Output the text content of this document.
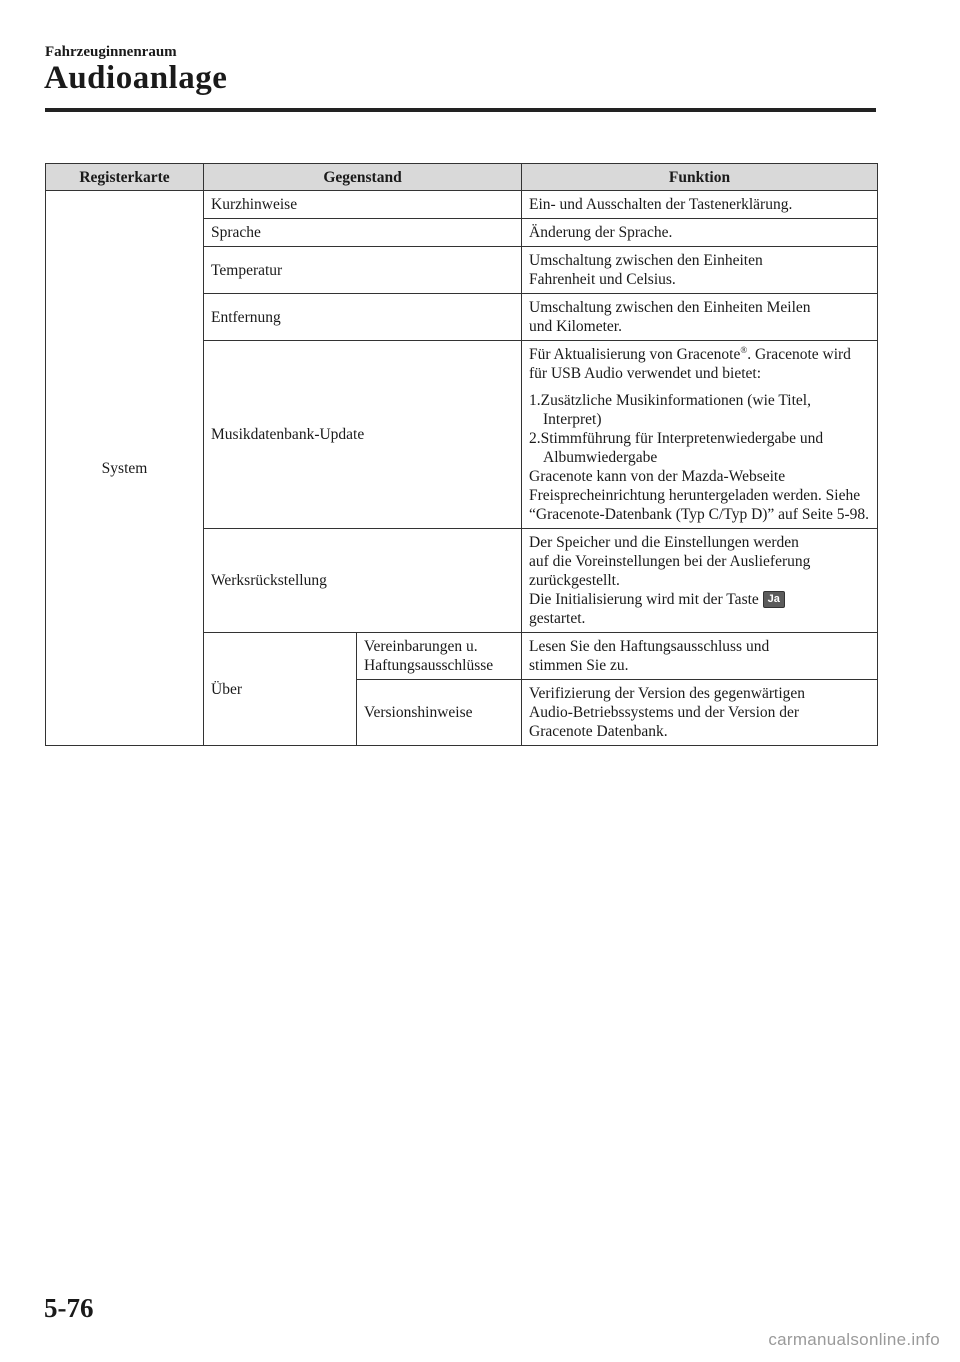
Fahrzeuginnenraum
Audioanlage
Registerkarte	Gegenstand		Funktion
System	Kurzhinweise		Ein- und Ausschalten der Tastenerklärung.
	Sprache		Änderung der Sprache.
	Temperatur		Umschaltung zwischen den Einheiten
Fahrenheit und Celsius.
	Entfernung		Umschaltung zwischen den Einheiten Meilen
und Kilometer.
	Musikdatenbank-Update		Für Aktualisierung von Gracenote®. Gracenote wird für USB Audio verwendet und bietet:
1.Zusätzliche Musikinformationen (wie Titel, Interpret)
2.Stimmführung für Interpretenwiedergabe und Albumwiedergabe
Gracenote kann von der Mazda-Webseite Freisprecheinrichtung heruntergeladen werden. Siehe “Gracenote-Datenbank (Typ C/Typ D)” auf Seite 5-98.

	Werksrückstellung		Der Speicher und die Einstellungen werden
auf die Voreinstellungen bei der Auslieferung
zurückgestellt.
Die Initialisierung wird mit der Taste Ja
gestartet.
	Über	Vereinbarungen u.
Haftungsausschlüsse	Lesen Sie den Haftungsausschluss und
stimmen Sie zu.
		Versionshinweise	Verifizierung der Version des gegenwärtigen
Audio-Betriebssystems und der Version der
Gracenote Datenbank.
5-76
carmanualsonline.info
